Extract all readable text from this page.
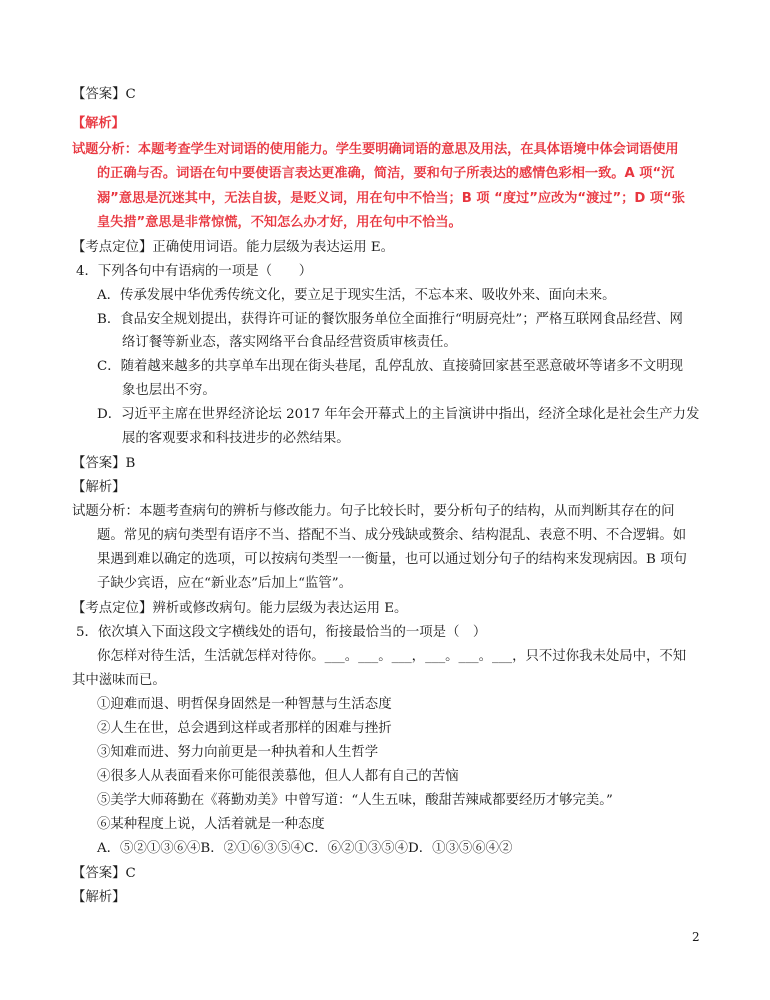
【答案】C
【解析】
试题分析：本题考查学生对词语的使用能力。学生要明确词语的意思及用法，在具体语境中体会词语使用
的正确与否。词语在句中要使语言表达更准确，简洁，要和句子所表达的感情色彩相一致。A 项“沉
溺”意思是沉迷其中，无法自拔，是贬义词，用在句中不恰当；B 项 “度过”应改为“渡过”；D 项“张
皇失措”意思是非常惊慌，不知怎么办才好，用在句中不恰当。
【考点定位】正确使用词语。能力层级为表达运用 E。
4．下列各句中有语病的一项是（　　）
A．传承发展中华优秀传统文化，要立足于现实生活，不忘本来、吸收外来、面向未来。
B．食品安全规划提出，获得许可证的餐饮服务单位全面推行“明厨亮灶”；严格互联网食品经营、网
络订餐等新业态，落实网络平台食品经营资质审核责任。
C．随着越来越多的共享单车出现在街头巷尾，乱停乱放、直接骑回家甚至恶意破坏等诸多不文明现
象也层出不穷。
D．习近平主席在世界经济论坛 2017 年年会开幕式上的主旨演讲中指出，经济全球化是社会生产力发
展的客观要求和科技进步的必然结果。
【答案】B
【解析】
试题分析：本题考查病句的辨析与修改能力。句子比较长时，要分析句子的结构，从而判断其存在的问
题。常见的病句类型有语序不当、搭配不当、成分残缺或赘余、结构混乱、表意不明、不合逻辑。如
果遇到难以确定的选项，可以按病句类型一一衡量，也可以通过划分句子的结构来发现病因。B 项句
子缺少宾语，应在“新业态”后加上“监管”。
【考点定位】辨析或修改病句。能力层级为表达运用 E。
5．依次填入下面这段文字横线处的语句，衔接最恰当的一项是（　）
你怎样对待生活，生活就怎样对待你。___。___。___，___。___。___，只不过你我未处局中，不知
其中滋味而已。
①迎难而退、明哲保身固然是一种智慧与生活态度
②人生在世，总会遇到这样或者那样的困难与挫折
③知难而进、努力向前更是一种执着和人生哲学
④很多人从表面看来你可能很羡慕他，但人人都有自己的苦恼
⑤美学大师蒋勤在《蒋勤劝美》中曾写道：“人生五味，酸甜苦辣咸都要经历才够完美。”
⑥某种程度上说，人活着就是一种态度
A．⑤②①③⑥④B．②①⑥③⑤④C．⑥②①③⑤④D．①③⑤⑥④②
【答案】C
【解析】
2
